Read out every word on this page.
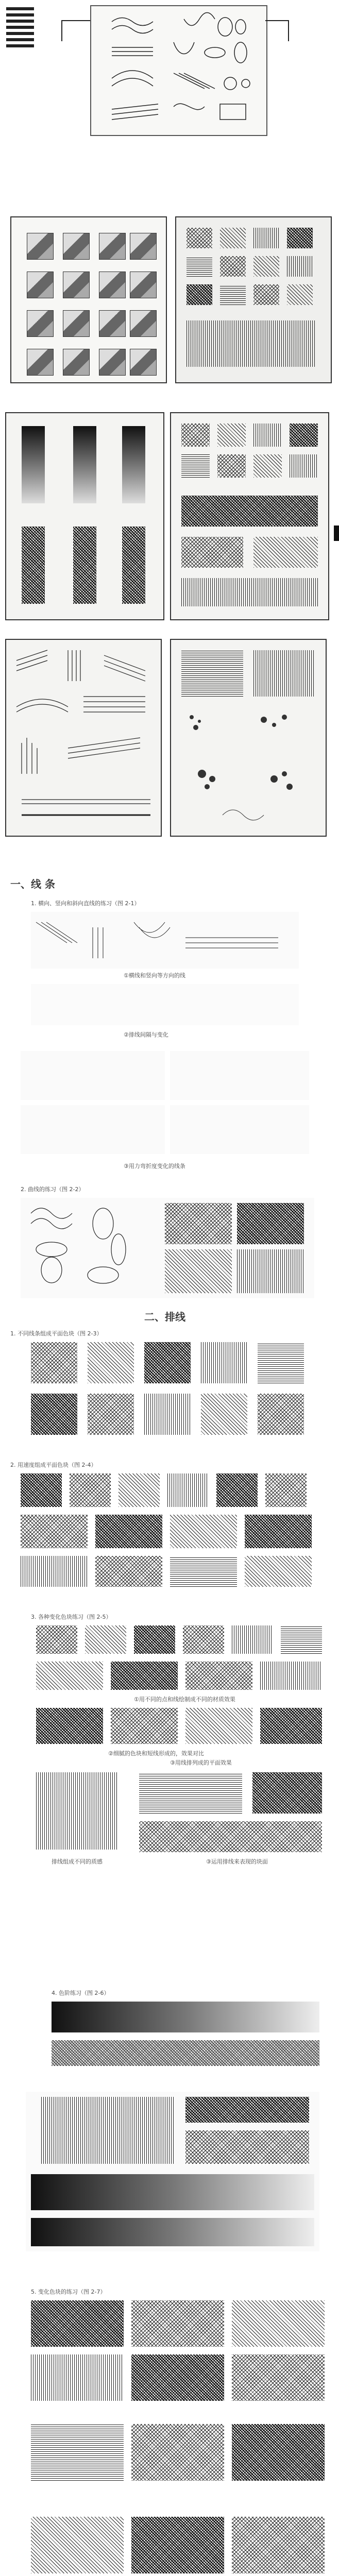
一、线 条
1. 横向、竖向和斜向直线的练习（图 2-1）
①横线和竖向等方向的线
②排线间隔与变化
③用力弯折度变化的线条
2. 曲线的练习（图 2-2）
二、排线
1. 不同线条组成平面色块（图 2-3）
2. 用速度组成平面色块（图 2-4）
3. 各种变化色块练习（图 2-5）
①用不同的点和线绘制成不同的材质效果
②细腻的色块和短线形成的，效果对比
③用线排列成的平面效果
排线组成不同的质感	③运用排线来表现的块面
4. 色阶练习（图 2-6）
5. 变化色块的练习（图 2-7）
